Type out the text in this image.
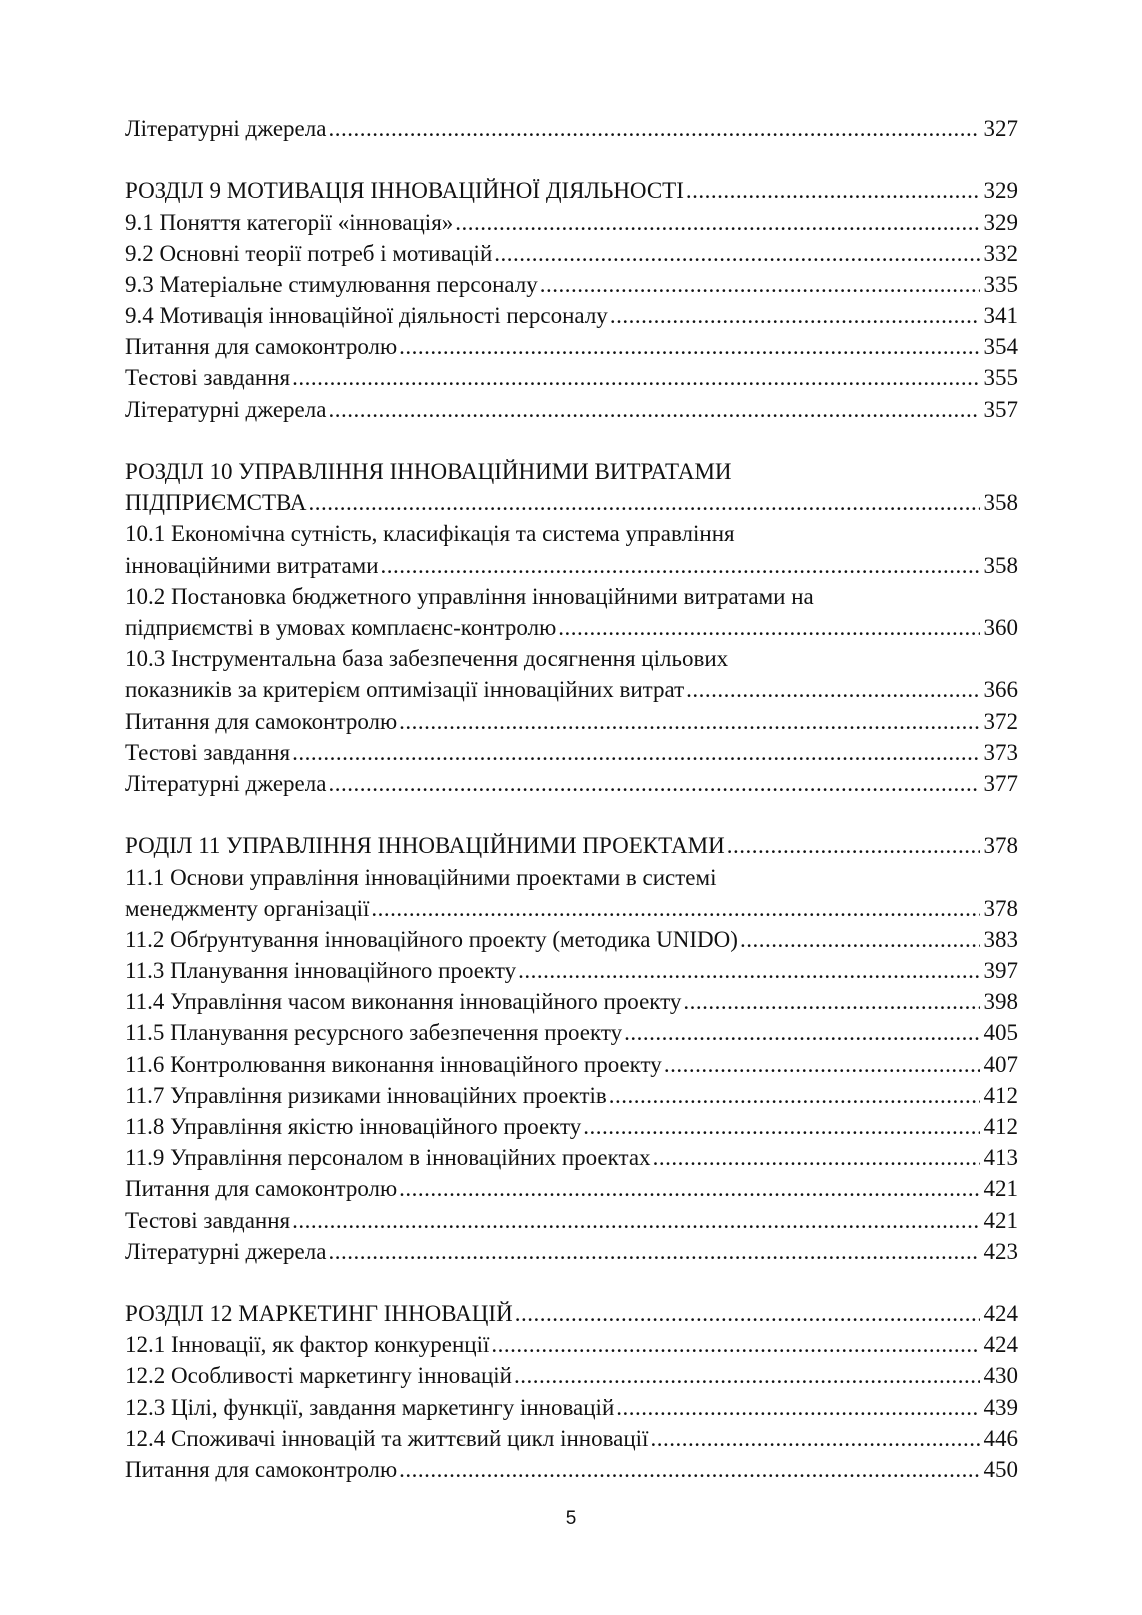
Літературні джерела .....	327
РОЗДІЛ 9 МОТИВАЦІЯ ІННОВАЦІЙНОЇ ДІЯЛЬНОСТІ .....	329
9.1 Поняття категорії «інновація» .....	329
9.2 Основні теорії потреб і мотивацій .....	332
9.3 Матеріальне стимулювання персоналу .....	335
9.4 Мотивація інноваційної діяльності персоналу .....	341
Питання для самоконтролю .....	354
Тестові завдання .....	355
Літературні джерела .....	357
РОЗДІЛ 10 УПРАВЛІННЯ ІННОВАЦІЙНИМИ ВИТРАТАМИ
ПІДПРИЄМСТВА .....	358
10.1 Економічна сутність, класифікація та система управління
інноваційними витратами .....	358
10.2 Постановка бюджетного управління інноваційними витратами на
підприємстві в умовах комплаєнс-контролю .....	360
10.3 Інструментальна база забезпечення досягнення цільових
показників за критерієм оптимізації інноваційних витрат .....	366
Питання для самоконтролю .....	372
Тестові завдання .....	373
Літературні джерела .....	377
РОДІЛ 11 УПРАВЛІННЯ ІННОВАЦІЙНИМИ ПРОЕКТАМИ .....	378
11.1 Основи управління інноваційними проектами в системі
менеджменту організації .....	378
11.2 Обґрунтування інноваційного проекту (методика UNIDO) .....	383
11.3 Планування інноваційного проекту .....	397
11.4 Управління часом виконання інноваційного проекту .....	398
11.5 Планування ресурсного забезпечення проекту .....	405
11.6 Контролювання виконання інноваційного проекту .....	407
11.7 Управління ризиками інноваційних проектів .....	412
11.8 Управління якістю інноваційного проекту .....	412
11.9 Управління персоналом в інноваційних проектах .....	413
Питання для самоконтролю .....	421
Тестові завдання .....	421
Літературні джерела .....	423
РОЗДІЛ 12 МАРКЕТИНГ ІННОВАЦІЙ .....	424
12.1 Інновації, як фактор конкуренції .....	424
12.2 Особливості маркетингу інновацій .....	430
12.3 Цілі, функції, завдання маркетингу інновацій .....	439
12.4 Споживачі інновацій та життєвий цикл інновації .....	446
Питання для самоконтролю .....	450
5
